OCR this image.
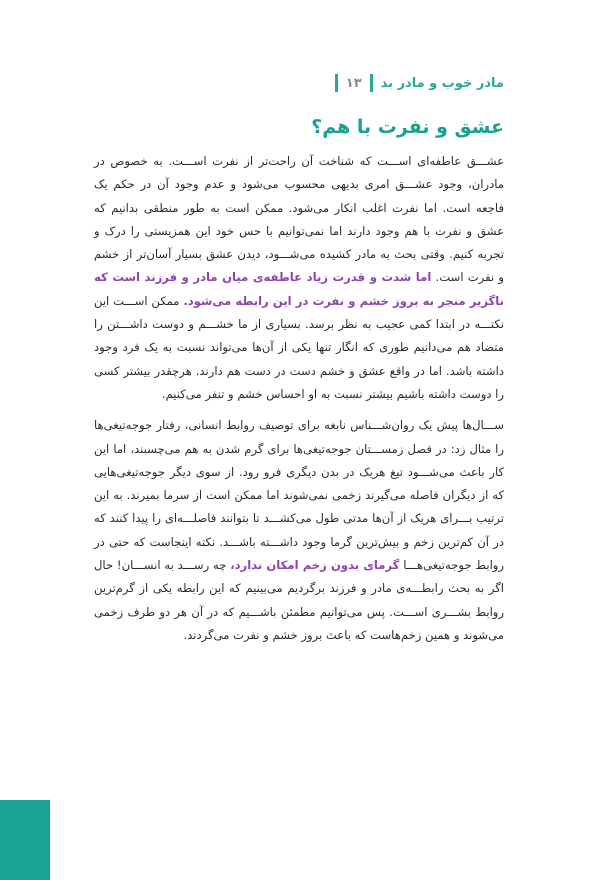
مادر خوب و مادر بد
۱۳
عشق و نفرت با هم؟

عشـــق عاطفه‌ای اســـت که شناخت آن راحت‌تر از نفرت اســـت. به خصوص در مادران، وجود عشـــق امری بدیهی محسوب می‌شود و عدم وجود آن در حکم یک فاجعه است. اما نفرت اغلب انکار می‌شود. ممکن است به طور منطقی بدانیم که عشق و نفرت با هم وجود دارند اما نمی‌توانیم با حس خود این همزیستی را درک و تجربه کنیم. وقتی بحث به مادر کشیده می‌شـــود، دیدن عشق بسیار آسان‌تر از خشم و نفرت است. اما شدت و قدرت زیاد عاطفه‌ی میان مادر و فرزند است که ناگزیر منجر به بروز خشم و نفرت در این رابطه می‌شود. ممکن اســـت این نکتـــه در ابتدا کمی عجیب به نظر برسد. بسیاری از ما خشـــم و دوست داشـــتن را متضاد هم می‌دانیم طوری که انگار تنها یکی از آن‌ها می‌تواند نسبت به یک فرد وجود داشته باشد. اما در واقع عشق و خشم دست در دست هم دارند. هرچقدر بیشتر کسی را دوست داشته باشیم بیشتر نسبت به او احساس خشم و تنفر می‌کنیم.

ســـال‌ها پیش یک روان‌شـــناس نابغه برای توصیف روابط انسانی، رفتار جوجه‌تیغی‌ها را مثال زد: در فصل زمســـتان جوجه‌تیغی‌ها برای گرم شدن به هم می‌چسبند، اما این کار باعث می‌شـــود تیغ هریک در بدن دیگری فرو رود. از سوی دیگر جوجه‌تیغی‌هایی که از دیگران فاصله می‌گیرند زخمی نمی‌شوند اما ممکن است از سرما بمیرند. به این ترتیب بـــرای هریک از آن‌ها مدتی طول می‌کشـــد تا بتوانند فاصلـــه‌ای را پیدا کنند که در آن کم‌ترین زخم و بیش‌ترین گرما وجود داشـــته باشـــد. نکته اینجاست که حتی در روابط جوجه‌تیغی‌هـــا گرمای بدون زخم امکان ندارد، چه رســـد به انســـان! حال اگر به بحث رابطـــه‌ی مادر و فرزند برگردیم می‌بینیم که این رابطه یکی از گرم‌ترین روابط بشـــری اســـت. پس می‌توانیم مطمئن باشـــیم که در آن هر دو طرف زخمی می‌شوند و همین زخم‌هاست که باعث بروز خشم و نفرت می‌گردند.
